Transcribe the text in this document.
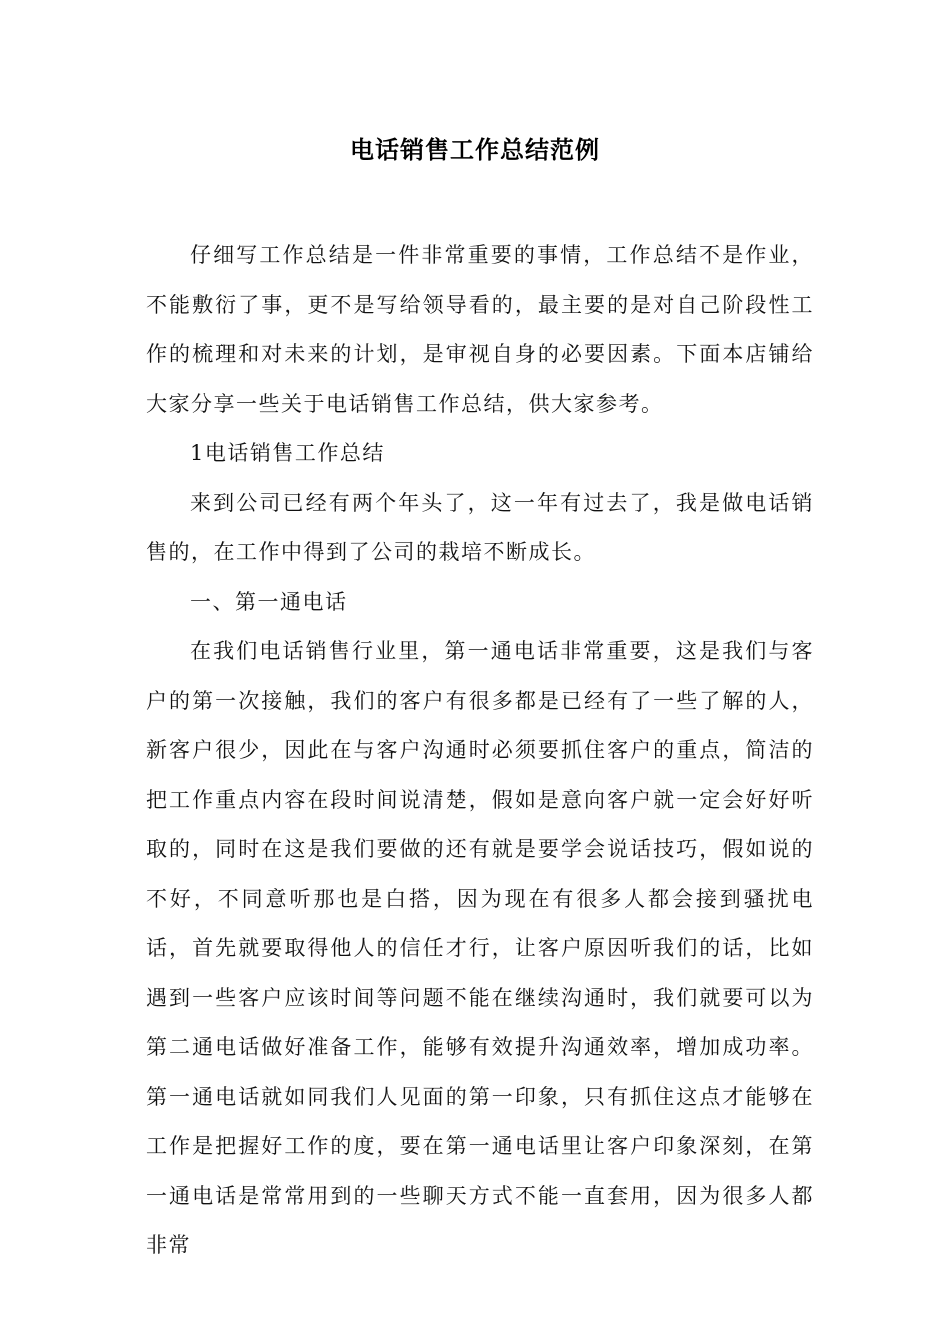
电话销售工作总结范例

仔细写工作总结是一件非常重要的事情，工作总结不是作业，不能敷衍了事，更不是写给领导看的，最主要的是对自己阶段性工作的梳理和对未来的计划，是审视自身的必要因素。下面本店铺给大家分享一些关于电话销售工作总结，供大家参考。

1电话销售工作总结

来到公司已经有两个年头了，这一年有过去了，我是做电话销售的，在工作中得到了公司的栽培不断成长。

一、第一通电话

在我们电话销售行业里，第一通电话非常重要，这是我们与客户的第一次接触，我们的客户有很多都是已经有了一些了解的人，新客户很少，因此在与客户沟通时必须要抓住客户的重点，简洁的把工作重点内容在段时间说清楚，假如是意向客户就一定会好好听取的，同时在这是我们要做的还有就是要学会说话技巧，假如说的不好，不同意听那也是白搭，因为现在有很多人都会接到骚扰电话，首先就要取得他人的信任才行，让客户原因听我们的话，比如遇到一些客户应该时间等问题不能在继续沟通时，我们就要可以为第二通电话做好准备工作，能够有效提升沟通效率，增加成功率。第一通电话就如同我们人见面的第一印象，只有抓住这点才能够在工作是把握好工作的度，要在第一通电话里让客户印象深刻，在第一通电话是常常用到的一些聊天方式不能一直套用，因为很多人都非常
